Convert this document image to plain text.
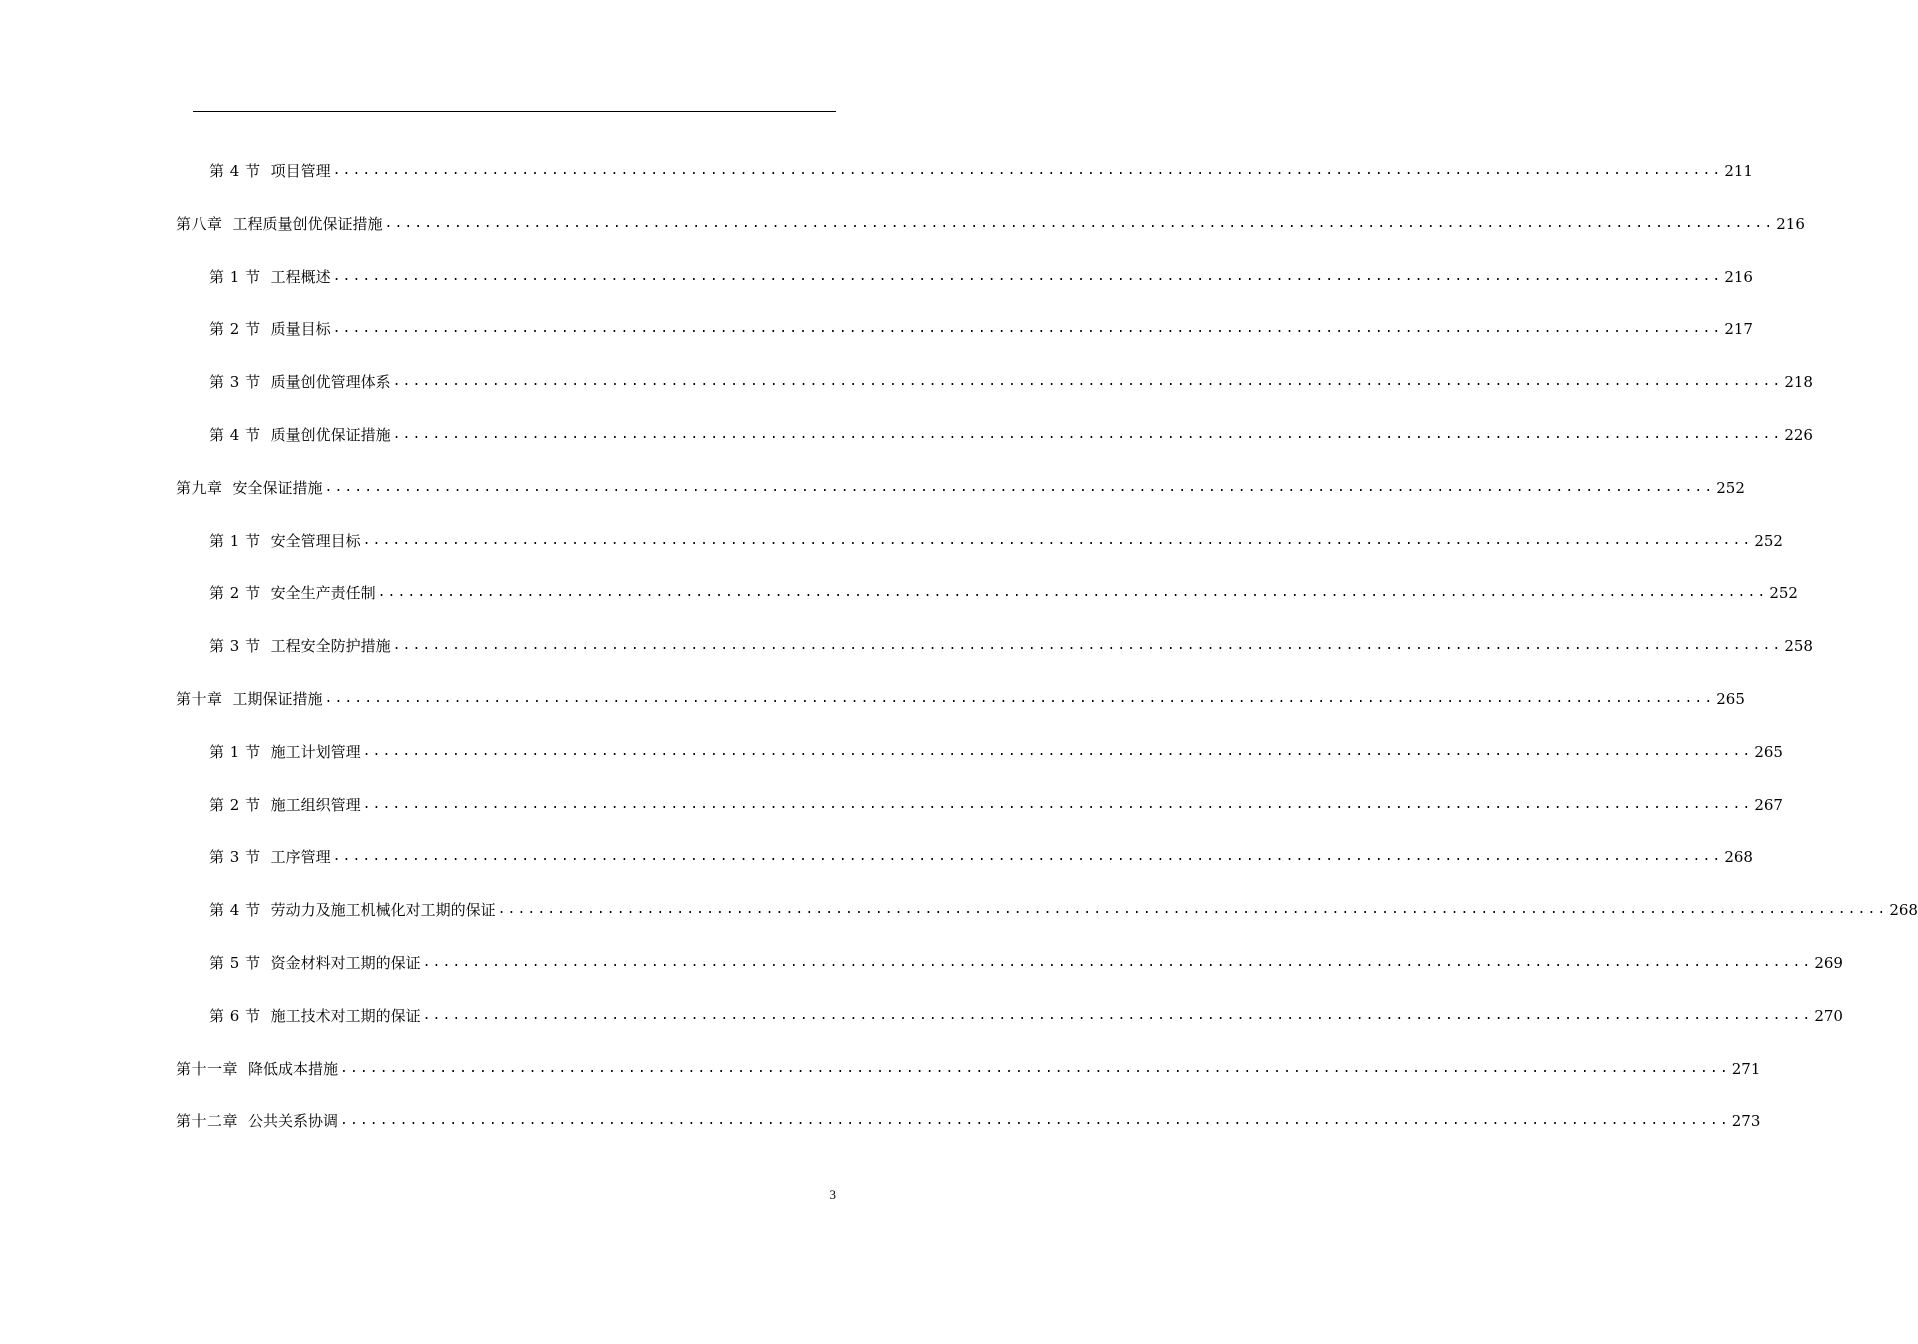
第 4 节 项目管理 ............................................................................................................................................ 211
第八章 工程质量创优保证措施 ............................................................................................................................................ 216
第 1 节 工程概述 ............................................................................................................................................ 216
第 2 节 质量目标 ............................................................................................................................................ 217
第 3 节 质量创优管理体系 ............................................................................................................................................ 218
第 4 节 质量创优保证措施 ............................................................................................................................................ 226
第九章 安全保证措施 ............................................................................................................................................ 252
第 1 节 安全管理目标 ............................................................................................................................................ 252
第 2 节 安全生产责任制 ............................................................................................................................................ 252
第 3 节 工程安全防护措施 ............................................................................................................................................ 258
第十章 工期保证措施 ............................................................................................................................................ 265
第 1 节 施工计划管理 ............................................................................................................................................ 265
第 2 节 施工组织管理 ............................................................................................................................................ 267
第 3 节 工序管理 ............................................................................................................................................ 268
第 4 节 劳动力及施工机械化对工期的保证 ............................................................................................................................................ 268
第 5 节 资金材料对工期的保证 ............................................................................................................................................ 269
第 6 节 施工技术对工期的保证 ............................................................................................................................................ 270
第十一章 降低成本措施 ............................................................................................................................................ 271
第十二章 公共关系协调 ............................................................................................................................................ 273
3
